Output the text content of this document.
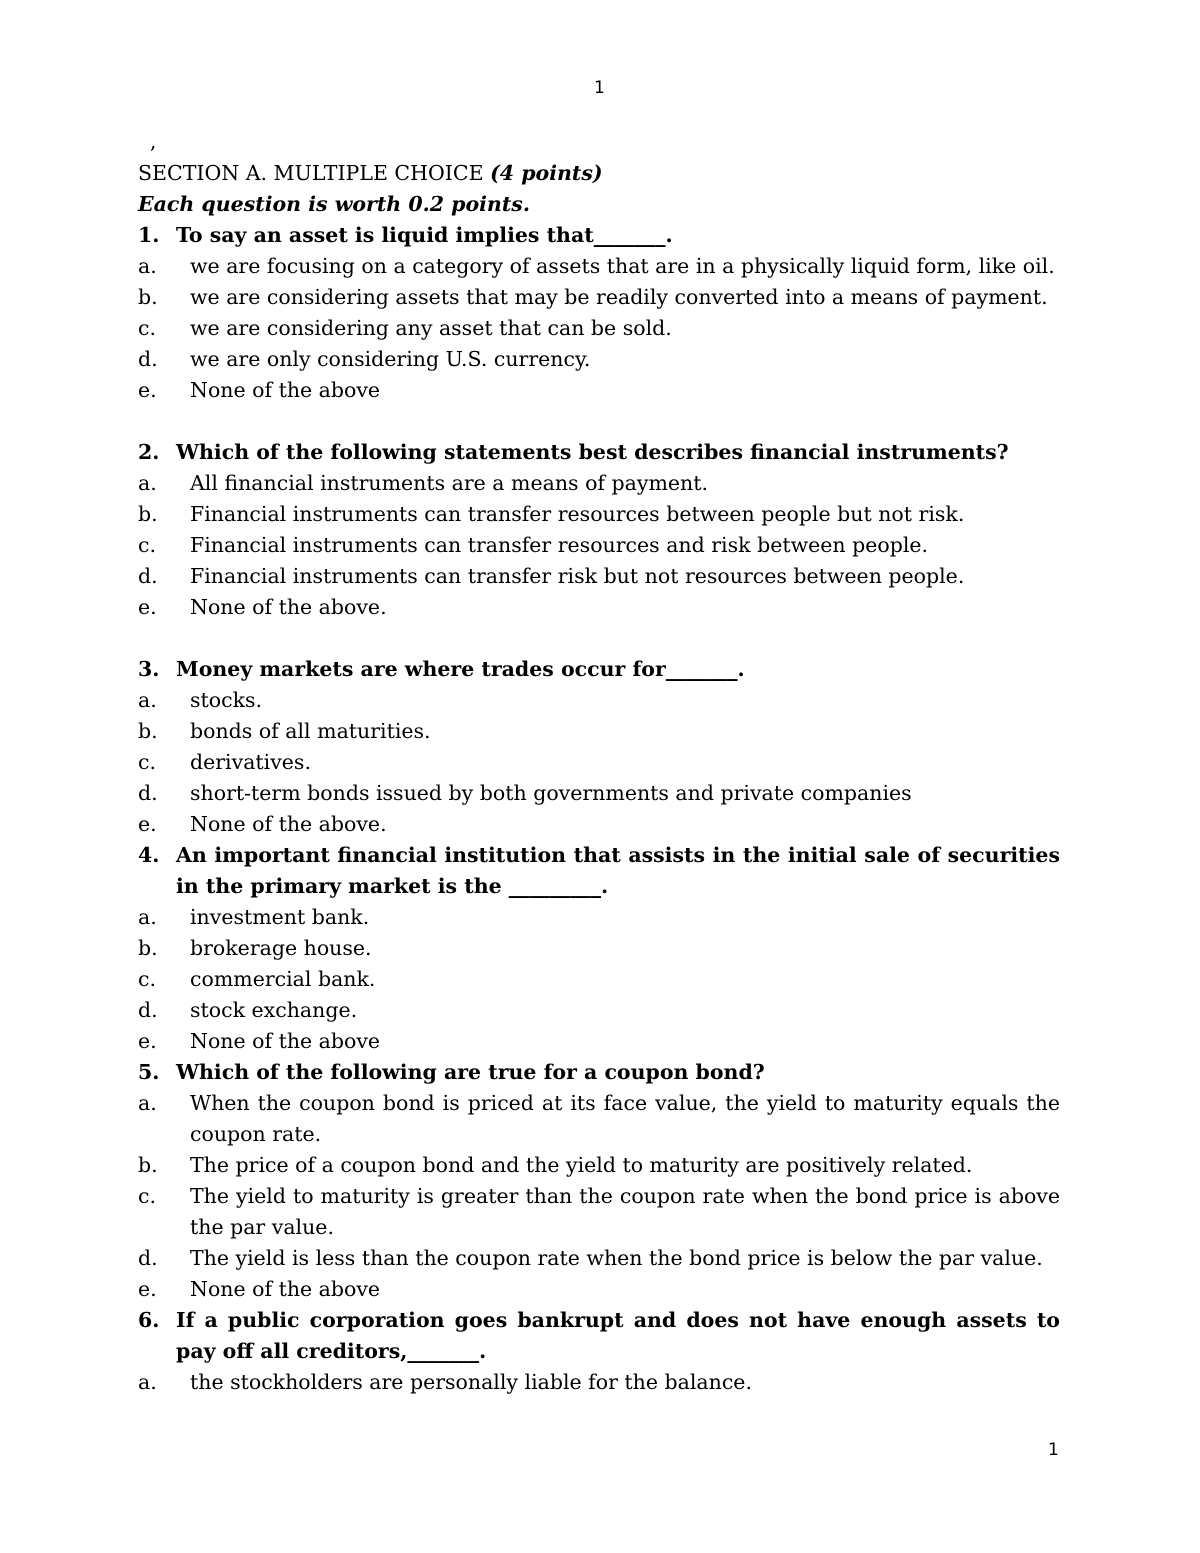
1
,
SECTION A. MULTIPLE CHOICE (4 points)
Each question is worth 0.2 points.
1. To say an asset is liquid implies that_______.
a.	we are focusing on a category of assets that are in a physically liquid form, like oil.
b.	we are considering assets that may be readily converted into a means of payment.
c.	we are considering any asset that can be sold.
d.	we are only considering U.S. currency.
e.	None of the above
2. Which of the following statements best describes financial instruments?
a.	All financial instruments are a means of payment.
b.	Financial instruments can transfer resources between people but not risk.
c.	Financial instruments can transfer resources and risk between people.
d.	Financial instruments can transfer risk but not resources between people.
e.	None of the above.
3. Money markets are where trades occur for_______.
a.	stocks.
b.	bonds of all maturities.
c.	derivatives.
d.	short-term bonds issued by both governments and private companies
e.	None of the above.
4. An important financial institution that assists in the initial sale of securities in the primary market is the _________.
a.	investment bank.
b.	brokerage house.
c.	commercial bank.
d.	stock exchange.
e.	None of the above
5. Which of the following are true for a coupon bond?
a.	When the coupon bond is priced at its face value, the yield to maturity equals the coupon rate.
b.	The price of a coupon bond and the yield to maturity are positively related.
c.	The yield to maturity is greater than the coupon rate when the bond price is above the par value.
d.	The yield is less than the coupon rate when the bond price is below the par value.
e.	None of the above
6. If a public corporation goes bankrupt and does not have enough assets to pay off all creditors,_______.
a.	the stockholders are personally liable for the balance.
1
